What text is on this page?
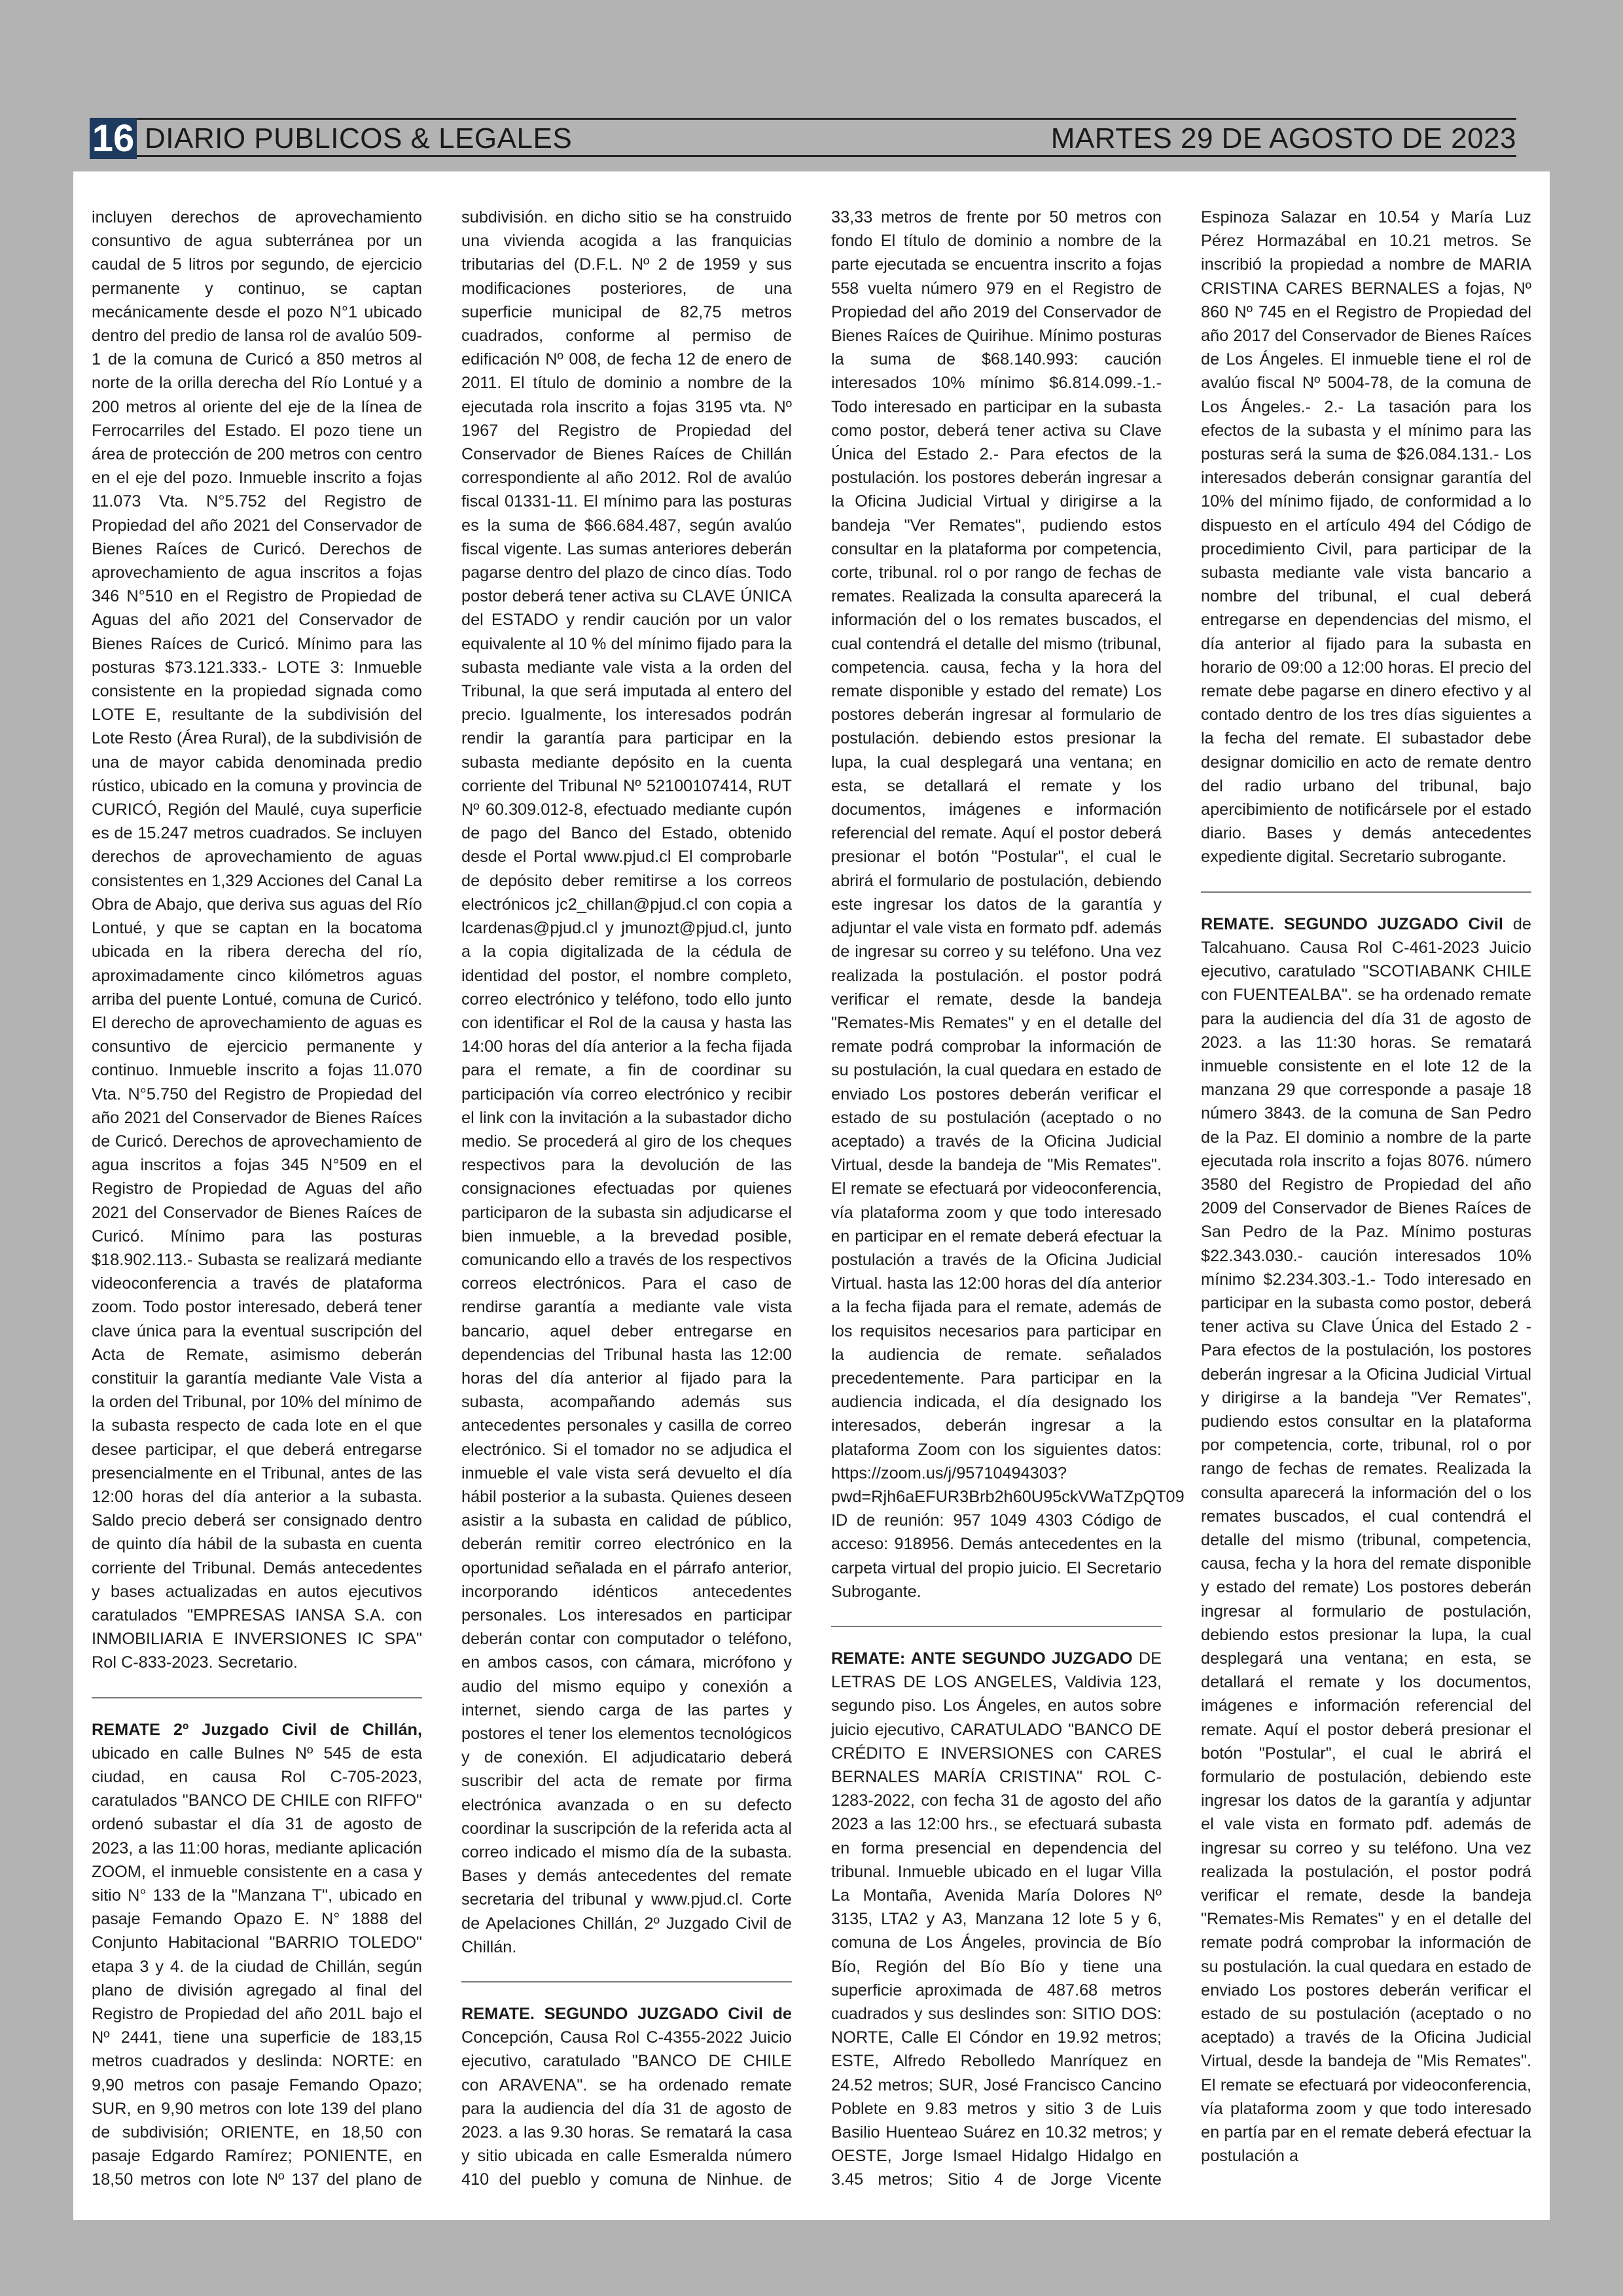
16 DIARIO PUBLICOS & LEGALES	MARTES 29 DE AGOSTO DE 2023

incluyen derechos de aprovechamiento consuntivo de agua subterránea por un caudal de 5 litros por segundo, de ejercicio permanente y continuo, se captan mecánicamente desde el pozo N°1 ubicado dentro del predio de lansa rol de avalúo 509-1 de la comuna de Curicó a 850 metros al norte de la orilla derecha del Río Lontué y a 200 metros al oriente del eje de la línea de Ferrocarriles del Estado. El pozo tiene un área de protección de 200 metros con centro en el eje del pozo. Inmueble inscrito a fojas 11.073 Vta. N°5.752 del Registro de Propiedad del año 2021 del Conservador de Bienes Raíces de Curicó. Derechos de aprovechamiento de agua inscritos a fojas 346 N°510 en el Registro de Propiedad de Aguas del año 2021 del Conservador de Bienes Raíces de Curicó. Mínimo para las posturas $73.121.333.- LOTE 3: Inmueble consistente en la propiedad signada como LOTE E, resultante de la subdivisión del Lote Resto (Área Rural), de la subdivisión de una de mayor cabida denominada predio rústico, ubicado en la comuna y provincia de CURICÓ, Región del Maulé, cuya superficie es de 15.247 metros cuadrados. Se incluyen derechos de aprovechamiento de aguas consistentes en 1,329 Acciones del Canal La Obra de Abajo, que deriva sus aguas del Río Lontué, y que se captan en la bocatoma ubicada en la ribera derecha del río, aproximadamente cinco kilómetros aguas arriba del puente Lontué, comuna de Curicó. El derecho de aprovechamiento de aguas es consuntivo de ejercicio permanente y continuo. Inmueble inscrito a fojas 11.070 Vta. N°5.750 del Registro de Propiedad del año 2021 del Conservador de Bienes Raíces de Curicó. Derechos de aprovechamiento de agua inscritos a fojas 345 N°509 en el Registro de Propiedad de Aguas del año 2021 del Conservador de Bienes Raíces de Curicó. Mínimo para las posturas $18.902.113.- Subasta se realizará mediante videoconferencia a través de plataforma zoom. Todo postor interesado, deberá tener clave única para la eventual suscripción del Acta de Remate, asimismo deberán constituir la garantía mediante Vale Vista a la orden del Tribunal, por 10% del mínimo de la subasta respecto de cada lote en el que desee participar, el que deberá entregarse presencialmente en el Tribunal, antes de las 12:00 horas del día anterior a la subasta. Saldo precio deberá ser consignado dentro de quinto día hábil de la subasta en cuenta corriente del Tribunal. Demás antecedentes y bases actualizadas en autos ejecutivos caratulados "EMPRESAS IANSA S.A. con INMOBILIARIA E INVERSIONES IC SPA" Rol C-833-2023. Secretario.

REMATE 2º Juzgado Civil de Chillán, ubicado en calle Bulnes Nº 545 de esta ciudad, en causa Rol C-705-2023, caratulados "BANCO DE CHILE con RIFFO" ordenó subastar el día 31 de agosto de 2023, a las 11:00 horas, mediante aplicación ZOOM, el inmueble consistente en a casa y sitio N° 133 de la "Manzana T", ubicado en pasaje Femando Opazo E. N° 1888 del Conjunto Habitacional "BARRIO TOLEDO" etapa 3 y 4. de la ciudad de Chillán, según plano de división agregado al final del Registro de Propiedad del año 201L bajo el Nº 2441, tiene una superficie de 183,15 metros cuadrados y deslinda: NORTE: en 9,90 metros con pasaje Femando Opazo; SUR, en 9,90 metros con lote 139 del plano de subdivisión; ORIENTE, en 18,50 con pasaje Edgardo Ramírez; PONIENTE, en 18,50 metros con lote Nº 137 del plano de subdivisión. en dicho sitio se ha construido una vivienda acogida a las franquicias tributarias del (D.F.L. Nº 2 de 1959 y sus modificaciones posteriores, de una superficie municipal de 82,75 metros cuadrados, conforme al permiso de edificación Nº 008, de fecha 12 de enero de 2011. El título de dominio a nombre de la ejecutada rola inscrito a fojas 3195 vta. Nº 1967 del Registro de Propiedad del Conservador de Bienes Raíces de Chillán correspondiente al año 2012. Rol de avalúo fiscal 01331-11. El mínimo para las posturas es la suma de $66.684.487, según avalúo fiscal vigente. Las sumas anteriores deberán pagarse dentro del plazo de cinco días. Todo postor deberá tener activa su CLAVE ÚNICA del ESTADO y rendir caución por un valor equivalente al 10 % del mínimo fijado para la subasta mediante vale vista a la orden del Tribunal, la que será imputada al entero del precio. Igualmente, los interesados podrán rendir la garantía para participar en la subasta mediante depósito en la cuenta corriente del Tribunal Nº 52100107414, RUT Nº 60.309.012-8, efectuado mediante cupón de pago del Banco del Estado, obtenido desde el Portal www.pjud.cl El comprobarle de depósito deber remitirse a los correos electrónicos jc2_chillan@pjud.cl con copia a lcardenas@pjud.cl y jmunozt@pjud.cl, junto a la copia digitalizada de la cédula de identidad del postor, el nombre completo, correo electrónico y teléfono, todo ello junto con identificar el Rol de la causa y hasta las 14:00 horas del día anterior a la fecha fijada para el remate, a fin de coordinar su participación vía correo electrónico y recibir el link con la invitación a la subastador dicho medio. Se procederá al giro de los cheques respectivos para la devolución de las consignaciones efectuadas por quienes participaron de la subasta sin adjudicarse el bien inmueble, a la brevedad posible, comunicando ello a través de los respectivos correos electrónicos. Para el caso de rendirse garantía a mediante vale vista bancario, aquel deber entregarse en dependencias del Tribunal hasta las 12:00 horas del día anterior al fijado para la subasta, acompañando además sus antecedentes personales y casilla de correo electrónico. Si el tomador no se adjudica el inmueble el vale vista será devuelto el día hábil posterior a la subasta. Quienes deseen asistir a la subasta en calidad de público, deberán remitir correo electrónico en la oportunidad señalada en el párrafo anterior, incorporando idénticos antecedentes personales. Los interesados en participar deberán contar con computador o teléfono, en ambos casos, con cámara, micrófono y audio del mismo equipo y conexión a internet, siendo carga de las partes y postores el tener los elementos tecnológicos y de conexión. El adjudicatario deberá suscribir del acta de remate por firma electrónica avanzada o en su defecto coordinar la suscripción de la referida acta al correo indicado el mismo día de la subasta. Bases y demás antecedentes del remate secretaria del tribunal y www.pjud.cl. Corte de Apelaciones Chillán, 2º Juzgado Civil de Chillán.

REMATE. SEGUNDO JUZGADO Civil de Concepción, Causa Rol C-4355-2022 Juicio ejecutivo, caratulado "BANCO DE CHILE con ARAVENA". se ha ordenado remate para la audiencia del día 31 de agosto de 2023. a las 9.30 horas. Se rematará la casa y sitio ubicada en calle Esmeralda número 410 del pueblo y comuna de Ninhue. de 33,33 metros de frente por 50 metros con fondo El título de dominio a nombre de la parte ejecutada se encuentra inscrito a fojas 558 vuelta número 979 en el Registro de Propiedad del año 2019 del Conservador de Bienes Raíces de Quirihue. Mínimo posturas la suma de $68.140.993: caución interesados 10% mínimo $6.814.099.-1.- Todo interesado en participar en la subasta como postor, deberá tener activa su Clave Única del Estado 2.- Para efectos de la postulación. los postores deberán ingresar a la Oficina Judicial Virtual y dirigirse a la bandeja "Ver Remates", pudiendo estos consultar en la plataforma por competencia, corte, tribunal. rol o por rango de fechas de remates. Realizada la consulta aparecerá la información del o los remates buscados, el cual contendrá el detalle del mismo (tribunal, competencia. causa, fecha y la hora del remate disponible y estado del remate) Los postores deberán ingresar al formulario de postulación. debiendo estos presionar la lupa, la cual desplegará una ventana; en esta, se detallará el remate y los documentos, imágenes e información referencial del remate. Aquí el postor deberá presionar el botón "Postular", el cual le abrirá el formulario de postulación, debiendo este ingresar los datos de la garantía y adjuntar el vale vista en formato pdf. además de ingresar su correo y su teléfono. Una vez realizada la postulación. el postor podrá verificar el remate, desde la bandeja "Remates-Mis Remates" y en el detalle del remate podrá comprobar la información de su postulación, la cual quedara en estado de enviado Los postores deberán verificar el estado de su postulación (aceptado o no aceptado) a través de la Oficina Judicial Virtual, desde la bandeja de "Mis Remates". El remate se efectuará por videoconferencia, vía plataforma zoom y que todo interesado en participar en el remate deberá efectuar la postulación a través de la Oficina Judicial Virtual. hasta las 12:00 horas del día anterior a la fecha fijada para el remate, además de los requisitos necesarios para participar en la audiencia de remate. señalados precedentemente. Para participar en la audiencia indicada, el día designado los interesados, deberán ingresar a la plataforma Zoom con los siguientes datos: https://zoom.us/j/95710494303?pwd=Rjh6aEFUR3Brb2h60U95ckVWaTZpQT09 ID de reunión: 957 1049 4303 Código de acceso: 918956. Demás antecedentes en la carpeta virtual del propio juicio. El Secretario Subrogante.

REMATE: ANTE SEGUNDO JUZGADO DE LETRAS DE LOS ANGELES, Valdivia 123, segundo piso. Los Ángeles, en autos sobre juicio ejecutivo, CARATULADO "BANCO DE CRÉDITO E INVERSIONES con CARES BERNALES MARÍA CRISTINA" ROL C-1283-2022, con fecha 31 de agosto del año 2023 a las 12:00 hrs., se efectuará subasta en forma presencial en dependencia del tribunal. Inmueble ubicado en el lugar Villa La Montaña, Avenida María Dolores Nº 3135, LTA2 y A3, Manzana 12 lote 5 y 6, comuna de Los Ángeles, provincia de Bío Bío, Región del Bío Bío y tiene una superficie aproximada de 487.68 metros cuadrados y sus deslindes son: SITIO DOS: NORTE, Calle El Cóndor en 19.92 metros; ESTE, Alfredo Rebolledo Manríquez en 24.52 metros; SUR, José Francisco Cancino Poblete en 9.83 metros y sitio 3 de Luis Basilio Huenteao Suárez en 10.32 metros; y OESTE, Jorge Ismael Hidalgo Hidalgo en 3.45 metros; Sitio 4 de Jorge Vicente Espinoza Salazar en 10.54 y María Luz Pérez Hormazábal en 10.21 metros. Se inscribió la propiedad a nombre de MARIA CRISTINA CARES BERNALES a fojas, Nº 860 Nº 745 en el Registro de Propiedad del año 2017 del Conservador de Bienes Raíces de Los Ángeles. El inmueble tiene el rol de avalúo fiscal Nº 5004-78, de la comuna de Los Ángeles.- 2.- La tasación para los efectos de la subasta y el mínimo para las posturas será la suma de $26.084.131.- Los interesados deberán consignar garantía del 10% del mínimo fijado, de conformidad a lo dispuesto en el artículo 494 del Código de procedimiento Civil, para participar de la subasta mediante vale vista bancario a nombre del tribunal, el cual deberá entregarse en dependencias del mismo, el día anterior al fijado para la subasta en horario de 09:00 a 12:00 horas. El precio del remate debe pagarse en dinero efectivo y al contado dentro de los tres días siguientes a la fecha del remate. El subastador debe designar domicilio en acto de remate dentro del radio urbano del tribunal, bajo apercibimiento de notificársele por el estado diario. Bases y demás antecedentes expediente digital. Secretario subrogante.

REMATE. SEGUNDO JUZGADO Civil de Talcahuano. Causa Rol C-461-2023 Juicio ejecutivo, caratulado "SCOTIABANK CHILE con FUENTEALBA". se ha ordenado remate para la audiencia del día 31 de agosto de 2023. a las 11:30 horas. Se rematará inmueble consistente en el lote 12 de la manzana 29 que corresponde a pasaje 18 número 3843. de la comuna de San Pedro de la Paz. El dominio a nombre de la parte ejecutada rola inscrito a fojas 8076. número 3580 del Registro de Propiedad del año 2009 del Conservador de Bienes Raíces de San Pedro de la Paz. Mínimo posturas $22.343.030.- caución interesados 10% mínimo $2.234.303.-1.- Todo interesado en participar en la subasta como postor, deberá tener activa su Clave Única del Estado 2 - Para efectos de la postulación, los postores deberán ingresar a la Oficina Judicial Virtual y dirigirse a la bandeja "Ver Remates", pudiendo estos consultar en la plataforma por competencia, corte, tribunal, rol o por rango de fechas de remates. Realizada la consulta aparecerá la información del o los remates buscados, el cual contendrá el detalle del mismo (tribunal, competencia, causa, fecha y la hora del remate disponible y estado del remate) Los postores deberán ingresar al formulario de postulación, debiendo estos presionar la lupa, la cual desplegará una ventana; en esta, se detallará el remate y los documentos, imágenes e información referencial del remate. Aquí el postor deberá presionar el botón "Postular", el cual le abrirá el formulario de postulación, debiendo este ingresar los datos de la garantía y adjuntar el vale vista en formato pdf. además de ingresar su correo y su teléfono. Una vez realizada la postulación, el postor podrá verificar el remate, desde la bandeja "Remates-Mis Remates" y en el detalle del remate podrá comprobar la información de su postulación. la cual quedara en estado de enviado Los postores deberán verificar el estado de su postulación (aceptado o no aceptado) a través de la Oficina Judicial Virtual, desde la bandeja de "Mis Remates". El remate se efectuará por videoconferencia, vía plataforma zoom y que todo interesado en partía par en el remate deberá efectuar la postulación a
